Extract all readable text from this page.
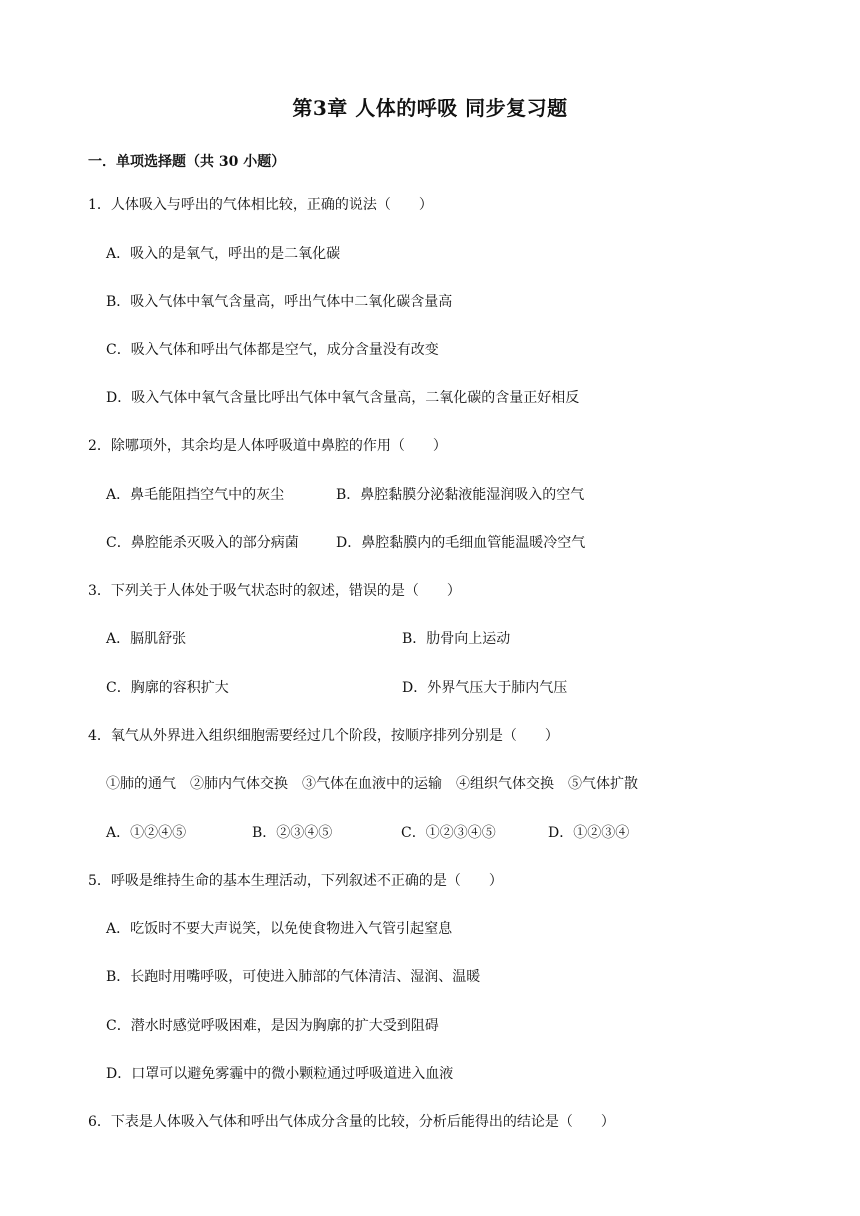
第3章 人体的呼吸 同步复习题
一．单项选择题（共 30 小题）
1．人体吸入与呼出的气体相比较，正确的说法（　　）
A．吸入的是氧气，呼出的是二氧化碳
B．吸入气体中氧气含量高，呼出气体中二氧化碳含量高
C．吸入气体和呼出气体都是空气，成分含量没有改变
D．吸入气体中氧气含量比呼出气体中氧气含量高，二氧化碳的含量正好相反
2．除哪项外，其余均是人体呼吸道中鼻腔的作用（　　）
A．鼻毛能阻挡空气中的灰尘	B．鼻腔黏膜分泌黏液能湿润吸入的空气
C．鼻腔能杀灭吸入的部分病菌	D．鼻腔黏膜内的毛细血管能温暖冷空气
3．下列关于人体处于吸气状态时的叙述，错误的是（　　）
A．膈肌舒张	B．肋骨向上运动
C．胸廓的容积扩大	D．外界气压大于肺内气压
4．氧气从外界进入组织细胞需要经过几个阶段，按顺序排列分别是（　　）
①肺的通气　②肺内气体交换　③气体在血液中的运输　④组织气体交换　⑤气体扩散
A．①②④⑤	B．②③④⑤	C．①②③④⑤	D．①②③④
5．呼吸是维持生命的基本生理活动，下列叙述不正确的是（　　）
A．吃饭时不要大声说笑，以免使食物进入气管引起窒息
B．长跑时用嘴呼吸，可使进入肺部的气体清洁、湿润、温暖
C．潜水时感觉呼吸困难，是因为胸廓的扩大受到阻碍
D．口罩可以避免雾霾中的微小颗粒通过呼吸道进入血液
6．下表是人体吸入气体和呼出气体成分含量的比较，分析后能得出的结论是（　　）
